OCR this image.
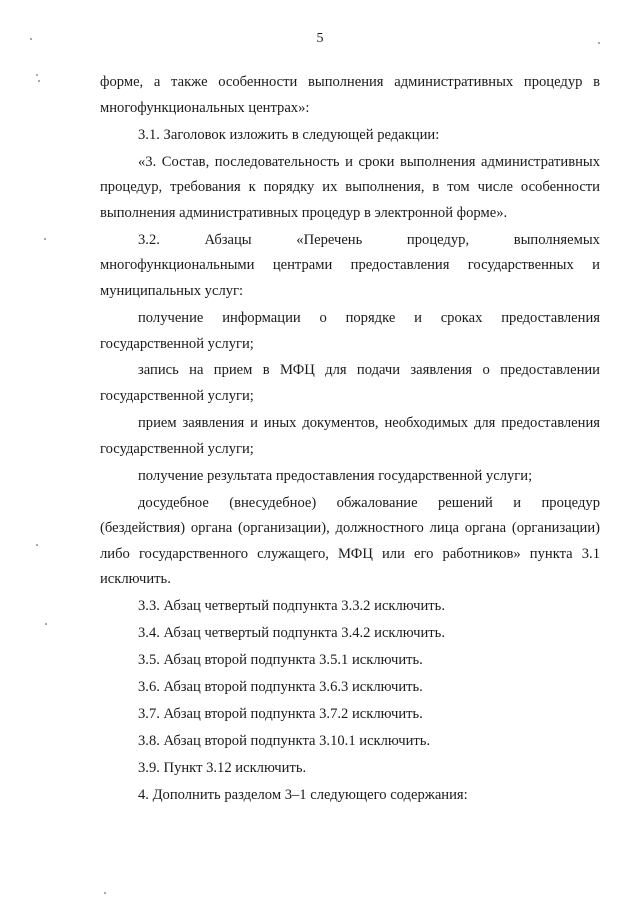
5
форме, а также особенности выполнения административных процедур в
многофункциональных центрах»:
3.1. Заголовок изложить в следующей редакции:
«3. Состав, последовательность и сроки выполнения административных
процедур, требования к порядку их выполнения, в том числе особенности выполнения административных процедур в электронной форме».
3.2.	Абзацы	«Перечень	процедур,	выполняемых
многофункциональными центрами предоставления государственных и
муниципальных услуг:
получение информации о порядке и сроках предоставления
государственной услуги;
запись на прием в МФЦ для подачи заявления о предоставлении
государственной услуги;
прием заявления и иных документов, необходимых для предоставления
государственной услуги;
получение результата предоставления государственной услуги;
досудебное (внесудебное) обжалование решений и процедур
(бездействия) органа (организации), должностного лица органа (организации)
либо государственного служащего, МФЦ или его работников» пункта 3.1
исключить.
3.3. Абзац четвертый подпункта 3.3.2 исключить.
3.4. Абзац четвертый подпункта 3.4.2 исключить.
3.5. Абзац второй подпункта 3.5.1 исключить.
3.6. Абзац второй подпункта 3.6.3 исключить.
3.7. Абзац второй подпункта 3.7.2 исключить.
3.8. Абзац второй подпункта 3.10.1 исключить.
3.9. Пункт 3.12 исключить.
4. Дополнить разделом 3–1 следующего содержания:
